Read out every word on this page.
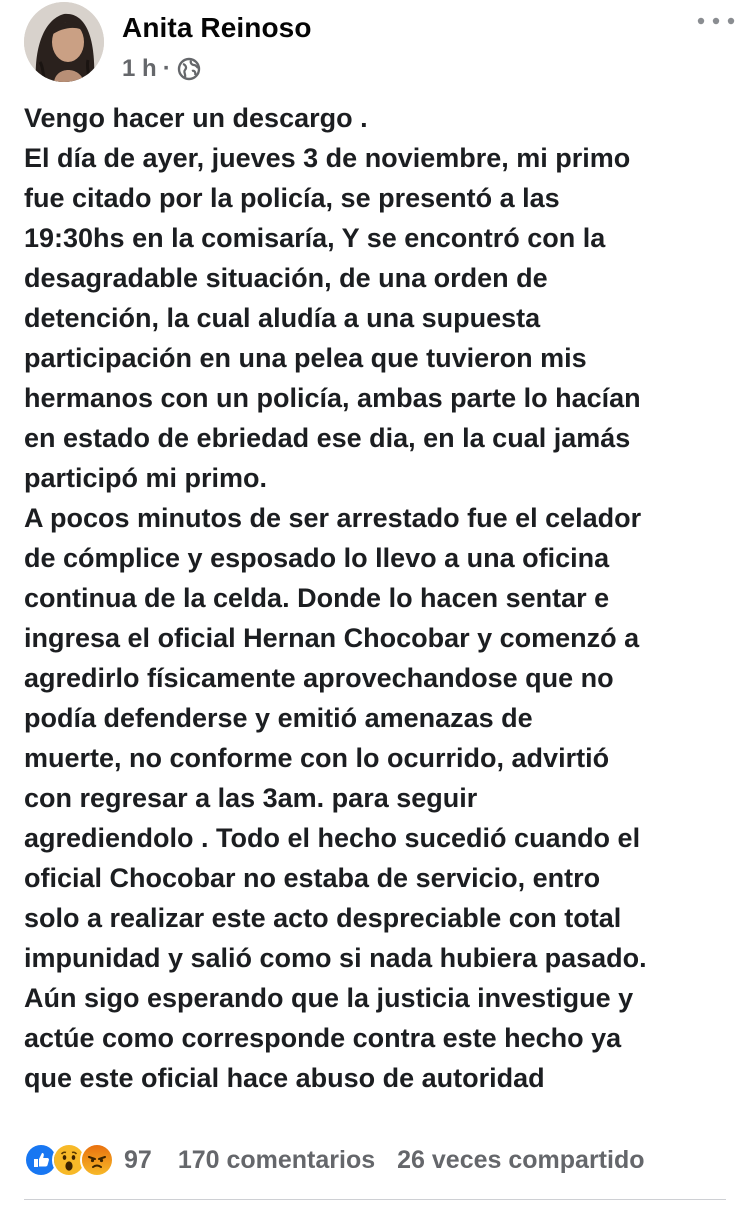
Anita Reinoso
1 h ·

Vengo hacer un descargo .
El día de ayer, jueves 3 de noviembre, mi primo
fue citado por la policía, se presentó a las
19:30hs en la comisaría, Y se encontró con la
desagradable situación, de una orden de
detención, la cual aludía a una supuesta
participación en una pelea que tuvieron mis
hermanos con un policía, ambas parte lo hacían
en estado de ebriedad ese dia, en la cual jamás
participó mi primo.
A pocos minutos de ser arrestado fue el celador
de cómplice y esposado lo llevo a una oficina
continua de la celda. Donde lo hacen sentar e
ingresa el oficial Hernan Chocobar y comenzó a
agredirlo físicamente aprovechandose que no
podía defenderse y emitió amenazas de
muerte, no conforme con lo ocurrido, advirtió
con regresar a las 3am. para seguir
agrediendolo . Todo el hecho sucedió cuando el
oficial Chocobar no estaba de servicio, entro
solo a realizar este acto despreciable con total
impunidad y salió como si nada hubiera pasado.
Aún sigo esperando que la justicia investigue y
actúe como corresponde contra este hecho ya
que este oficial hace abuso de autoridad

97 170 comentarios 26 veces compartido
